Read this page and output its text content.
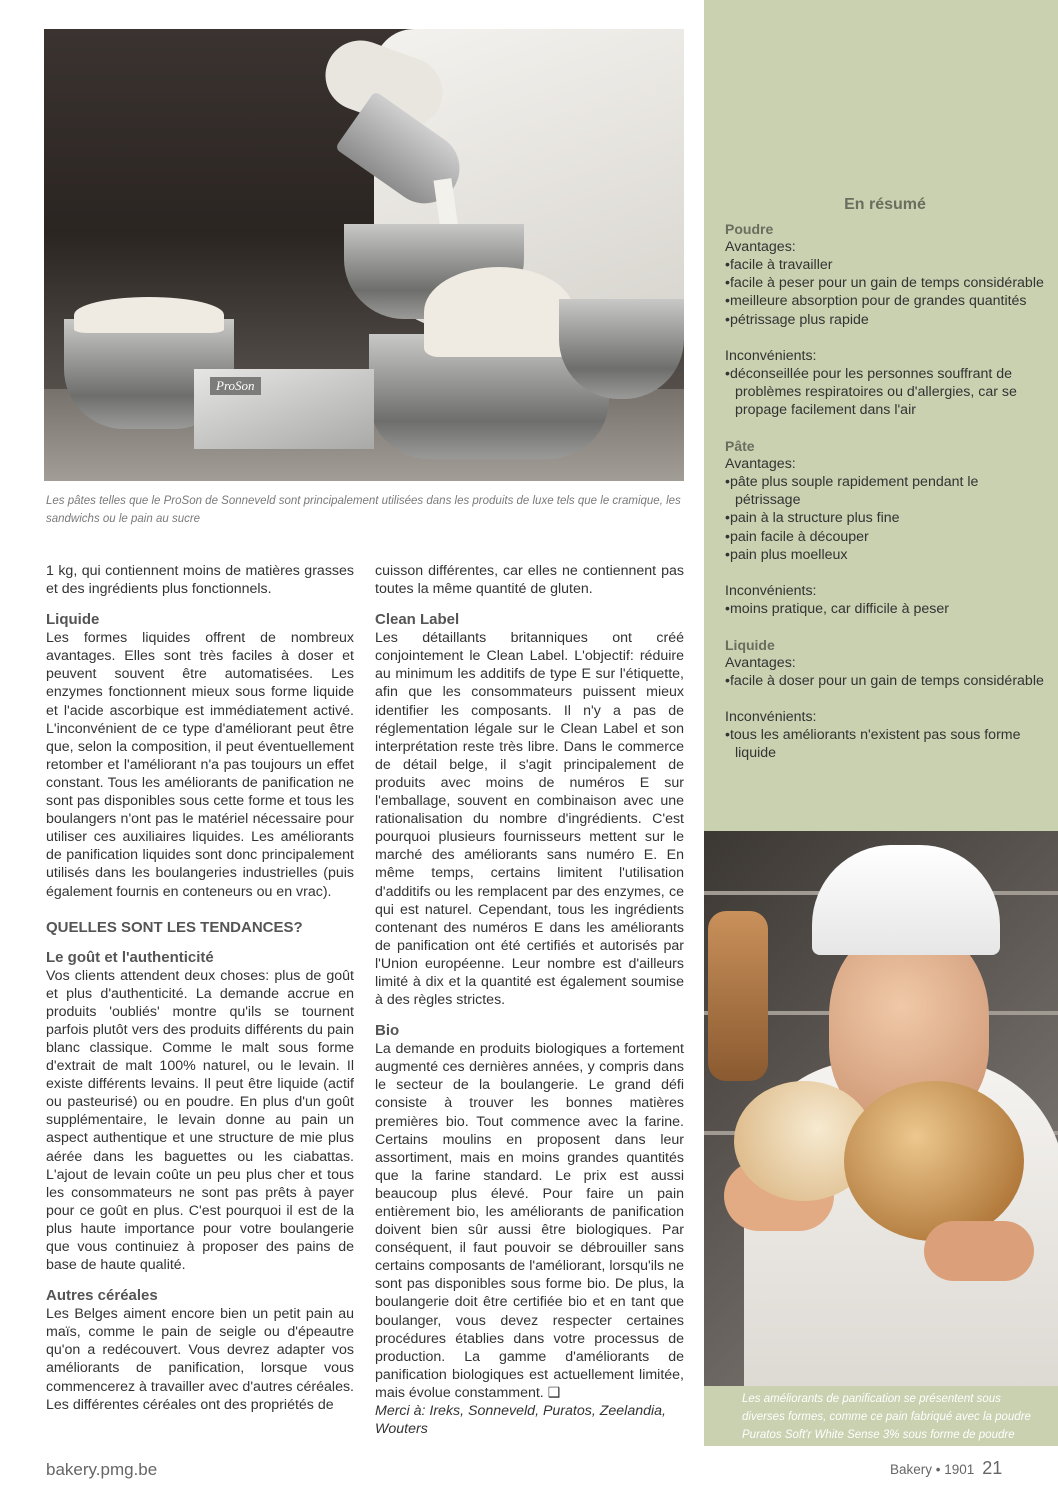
ProSon
Les pâtes telles que le ProSon de Sonneveld sont principalement utilisées dans les produits de luxe tels que le cramique, les sandwichs ou le pain au sucre

1 kg, qui contiennent moins de matières grasses et des ingrédients plus fonctionnels.

Liquide

Les formes liquides offrent de nombreux avantages. Elles sont très faciles à doser et peuvent souvent être automatisées. Les enzymes fonctionnent mieux sous forme liquide et l'acide ascorbique est immédiatement activé. L'inconvénient de ce type d'améliorant peut être que, selon la composition, il peut éventuellement retomber et l'améliorant n'a pas toujours un effet constant. Tous les améliorants de panification ne sont pas disponibles sous cette forme et tous les boulangers n'ont pas le matériel nécessaire pour utiliser ces auxiliaires liquides. Les améliorants de panification liquides sont donc principalement utilisés dans les boulangeries industrielles (puis également fournis en conteneurs ou en vrac).

QUELLES SONT LES TENDANCES?
Le goût et l'authenticité

Vos clients attendent deux choses: plus de goût et plus d'authenticité. La demande accrue en produits 'oubliés' montre qu'ils se tournent parfois plutôt vers des produits différents du pain blanc classique. Comme le malt sous forme d'extrait de malt 100% naturel, ou le levain. Il existe différents levains. Il peut être liquide (actif ou pasteurisé) ou en poudre. En plus d'un goût supplémentaire, le levain donne au pain un aspect authentique et une structure de mie plus aérée dans les baguettes ou les ciabattas. L'ajout de levain coûte un peu plus cher et tous les consommateurs ne sont pas prêts à payer pour ce goût en plus. C'est pourquoi il est de la plus haute importance pour votre boulangerie que vous continuiez à proposer des pains de base de haute qualité.

Autres céréales

Les Belges aiment encore bien un petit pain au maïs, comme le pain de seigle ou d'épeautre qu'on a redécouvert. Vous devrez adapter vos améliorants de panification, lorsque vous commencerez à travailler avec d'autres céréales. Les différentes céréales ont des propriétés de

cuisson différentes, car elles ne contiennent pas toutes la même quantité de gluten.

Clean Label

Les détaillants britanniques ont créé conjointement le Clean Label. L'objectif: réduire au minimum les additifs de type E sur l'étiquette, afin que les consommateurs puissent mieux identifier les composants. Il n'y a pas de réglementation légale sur le Clean Label et son interprétation reste très libre. Dans le commerce de détail belge, il s'agit principalement de produits avec moins de numéros E sur l'emballage, souvent en combinaison avec une rationalisation du nombre d'ingrédients. C'est pourquoi plusieurs fournisseurs mettent sur le marché des améliorants sans numéro E. En même temps, certains limitent l'utilisation d'additifs ou les remplacent par des enzymes, ce qui est naturel. Cependant, tous les ingrédients contenant des numéros E dans les améliorants de panification ont été certifiés et autorisés par l'Union européenne. Leur nombre est d'ailleurs limité à dix et la quantité est également soumise à des règles strictes.

Bio

La demande en produits biologiques a fortement augmenté ces dernières années, y compris dans le secteur de la boulangerie. Le grand défi consiste à trouver les bonnes matières premières bio. Tout commence avec la farine. Certains moulins en proposent dans leur assortiment, mais en moins grandes quantités que la farine standard. Le prix est aussi beaucoup plus élevé. Pour faire un pain entièrement bio, les améliorants de panification doivent bien sûr aussi être biologiques. Par conséquent, il faut pouvoir se débrouiller sans certains composants de l'améliorant, lorsqu'ils ne sont pas disponibles sous forme bio. De plus, la boulangerie doit être certifiée bio et en tant que boulanger, vous devez respecter certaines procédures établies dans votre processus de production. La gamme d'améliorants de panification biologiques est actuellement limitée, mais évolue constamment. ❑

Merci à: Ireks, Sonneveld, Puratos, Zeelandia, Wouters

En résumé
Poudre
Avantages:
•facile à travailler
•facile à peser pour un gain de temps considérable
•meilleure absorption pour de grandes quantités
•pétrissage plus rapide
Inconvénients:
•déconseillée pour les personnes souffrant de problèmes respiratoires ou d'allergies, car se propage facilement dans l'air
Pâte
Avantages:
•pâte plus souple rapidement pendant le pétrissage
•pain à la structure plus fine
•pain facile à découper
•pain plus moelleux
Inconvénients:
•moins pratique, car difficile à peser
Liquide
Avantages:
•facile à doser pour un gain de temps considérable
Inconvénients:
•tous les améliorants n'existent pas sous forme liquide
Les améliorants de panification se présentent sous diverses formes, comme ce pain fabriqué avec la poudre Puratos Soft'r White Sense 3% sous forme de poudre
bakery.pmg.be	Bakery • 1901 21
